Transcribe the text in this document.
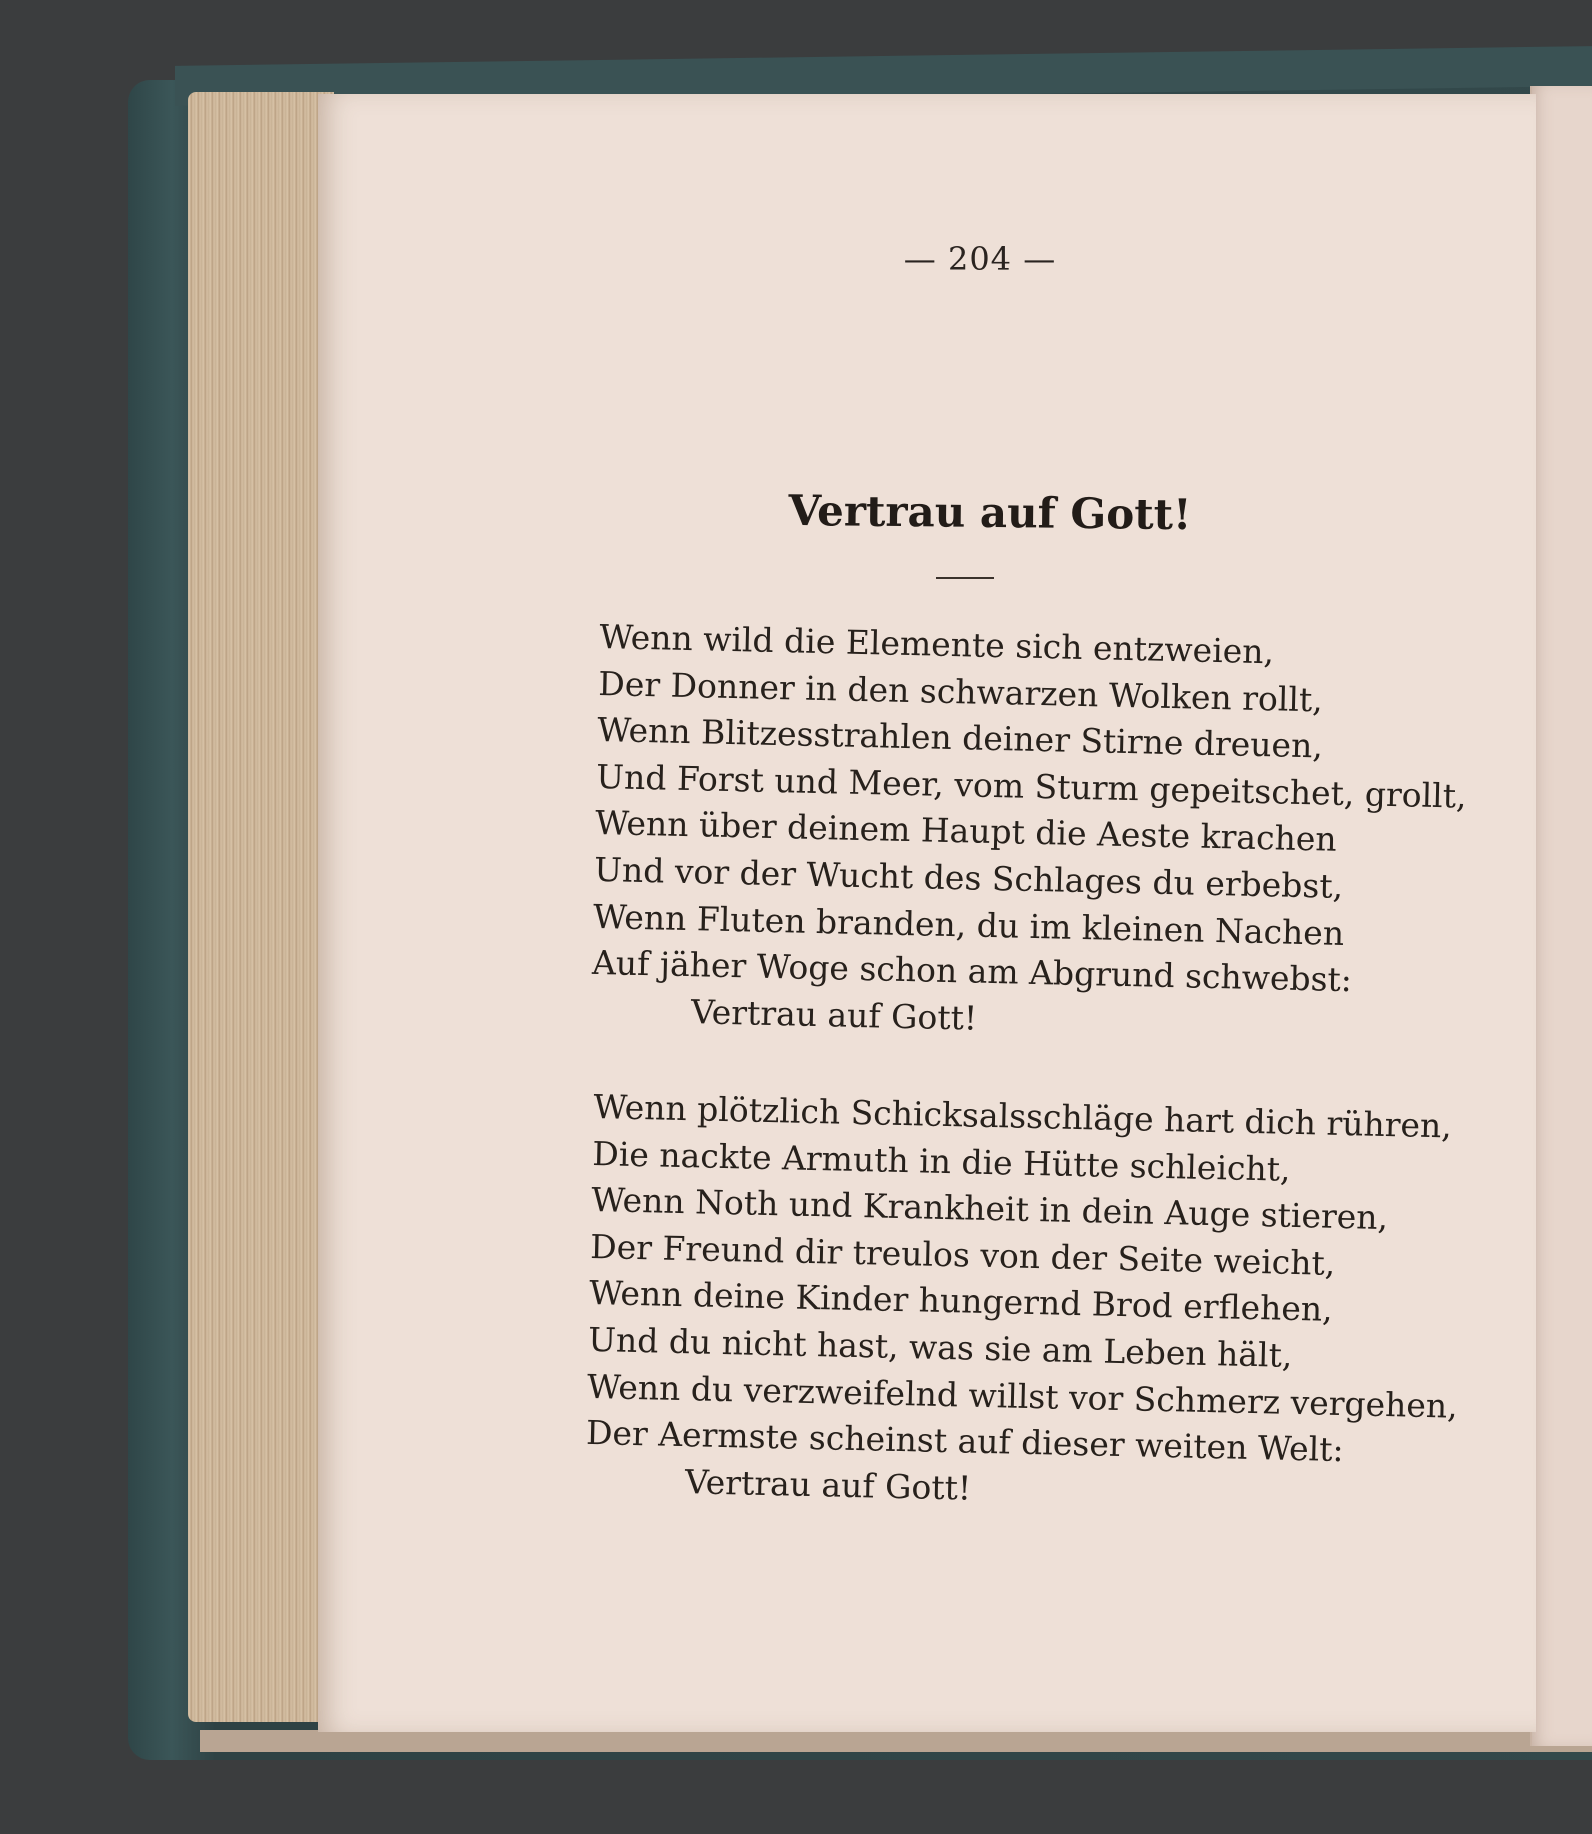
— 204 —
Vertrau auf Gott!
Wenn wild die Elemente sich entzweien,
Der Donner in den schwarzen Wolken rollt,
Wenn Blitzesstrahlen deiner Stirne dreuen,
Und Forst und Meer, vom Sturm gepeitschet, grollt,
Wenn über deinem Haupt die Aeste krachen
Und vor der Wucht des Schlages du erbebst,
Wenn Fluten branden, du im kleinen Nachen
Auf jäher Woge schon am Abgrund schwebst:
Vertrau auf Gott!
Wenn plötzlich Schicksalsschläge hart dich rühren,
Die nackte Armuth in die Hütte schleicht,
Wenn Noth und Krankheit in dein Auge stieren,
Der Freund dir treulos von der Seite weicht,
Wenn deine Kinder hungernd Brod erflehen,
Und du nicht hast, was sie am Leben hält,
Wenn du verzweifelnd willst vor Schmerz vergehen,
Der Aermste scheinst auf dieser weiten Welt:
Vertrau auf Gott!
